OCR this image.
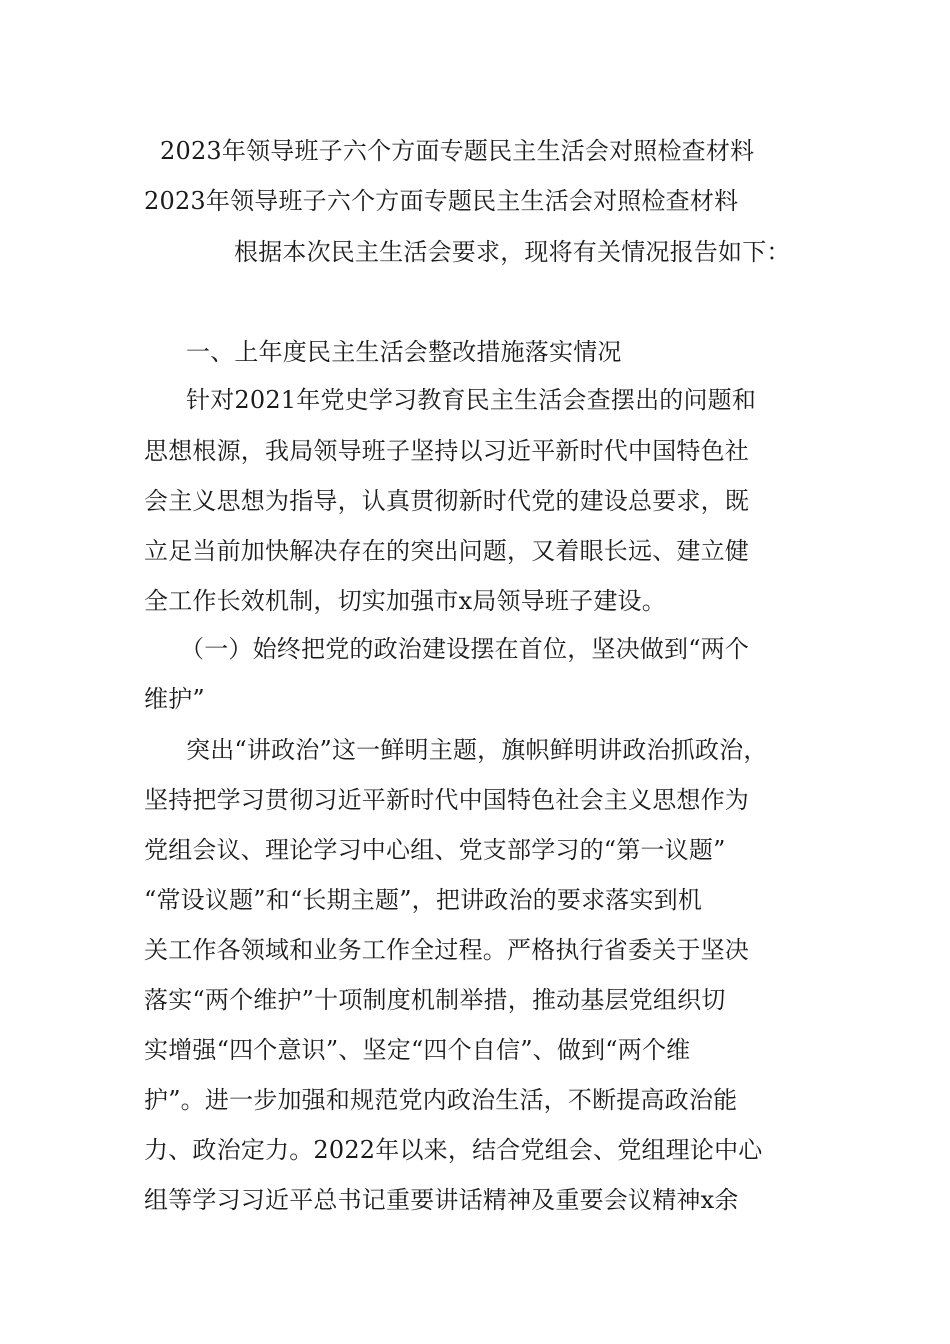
2023年领导班子六个方面专题民主生活会对照检查材料
2023年领导班子六个方面专题民主生活会对照检查材料
根据本次民主生活会要求，现将有关情况报告如下：
一、上年度民主生活会整改措施落实情况
针对2021年党史学习教育民主生活会查摆出的问题和
思想根源，我局领导班子坚持以习近平新时代中国特色社
会主义思想为指导，认真贯彻新时代党的建设总要求，既
立足当前加快解决存在的突出问题，又着眼长远、建立健
全工作长效机制，切实加强市x局领导班子建设。
（一）始终把党的政治建设摆在首位，坚决做到“两个
维护”
突出“讲政治”这一鲜明主题，旗帜鲜明讲政治抓政治，
坚持把学习贯彻习近平新时代中国特色社会主义思想作为
党组会议、理论学习中心组、党支部学习的“第一议题”
“常设议题”和“长期主题”，把讲政治的要求落实到机
关工作各领域和业务工作全过程。严格执行省委关于坚决
落实“两个维护”十项制度机制举措，推动基层党组织切
实增强“四个意识”、坚定“四个自信”、做到“两个维
护”。进一步加强和规范党内政治生活，不断提高政治能
力、政治定力。2022年以来，结合党组会、党组理论中心
组等学习习近平总书记重要讲话精神及重要会议精神x余
